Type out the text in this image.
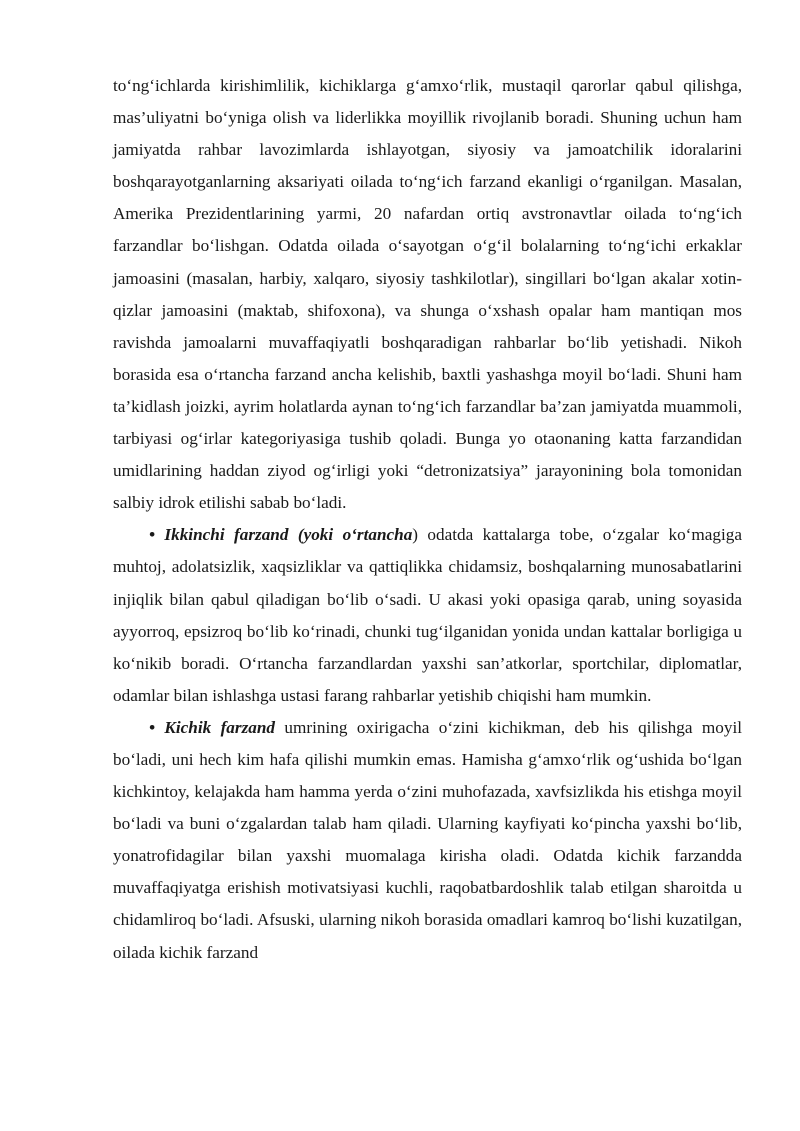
to‘ng‘ichlarda kirishimlilik, kichiklarga g‘amxo‘rlik, mustaqil qarorlar qabul qilishga, mas’uliyatni bo‘yniga olish va liderlikka moyillik rivojlanib boradi. Shuning uchun ham jamiyatda rahbar lavozimlarda ishlayotgan, siyosiy va jamoatchilik idoralarini boshqarayotganlarning aksariyati oilada to‘ng‘ich farzand ekanligi o‘rganilgan. Masalan, Amerika Prezidentlarining yarmi, 20 nafardan ortiq avstronavtlar oilada to‘ng‘ich farzandlar bo‘lishgan. Odatda oilada o‘sayotgan o‘g‘il bolalarning to‘ng‘ichi erkaklar jamoasini (masalan, harbiy, xalqaro, siyosiy tashkilotlar), singillari bo‘lgan akalar xotin-qizlar jamoasini (maktab, shifoxona), va shunga o‘xshash opalar ham mantiqan mos ravishda jamoalarni muvaffaqiyatli boshqaradigan rahbarlar bo‘lib yetishadi. Nikoh borasida esa o‘rtancha farzand ancha kelishib, baxtli yashashga moyil bo‘ladi. Shuni ham ta’kidlash joizki, ayrim holatlarda aynan to‘ng‘ich farzandlar ba’zan jamiyatda muammoli, tarbiyasi og‘irlar kategoriyasiga tushib qoladi. Bunga yo otaonaning katta farzandidan umidlarining haddan ziyod og‘irligi yoki “detronizatsiya” jarayonining bola tomonidan salbiy idrok etilishi sabab bo‘ladi.

• Ikkinchi farzand (yoki o‘rtancha) odatda kattalarga tobe, o‘zgalar ko‘magiga muhtoj, adolatsizlik, xaqsizliklar va qattiqlikka chidamsiz, boshqalarning munosabatlarini injiqlik bilan qabul qiladigan bo‘lib o‘sadi. U akasi yoki opasiga qarab, uning soyasida ayyorroq, epsizroq bo‘lib ko‘rinadi, chunki tug‘ilganidan yonida undan kattalar borligiga u ko‘nikib boradi. O‘rtancha farzandlardan yaxshi san’atkorlar, sportchilar, diplomatlar, odamlar bilan ishlashga ustasi farang rahbarlar yetishib chiqishi ham mumkin.

• Kichik farzand umrining oxirigacha o‘zini kichikman, deb his qilishga moyil bo‘ladi, uni hech kim hafa qilishi mumkin emas. Hamisha g‘amxo‘rlik og‘ushida bo‘lgan kichkintoy, kelajakda ham hamma yerda o‘zini muhofazada, xavfsizlikda his etishga moyil bo‘ladi va buni o‘zgalardan talab ham qiladi. Ularning kayfiyati ko‘pincha yaxshi bo‘lib, yonatrofidagilar bilan yaxshi muomalaga kirisha oladi. Odatda kichik farzandda muvaffaqiyatga erishish motivatsiyasi kuchli, raqobatbardoshlik talab etilgan sharoitda u chidamliroq bo‘ladi. Afsuski, ularning nikoh borasida omadlari kamroq bo‘lishi kuzatilgan, oilada kichik farzand
